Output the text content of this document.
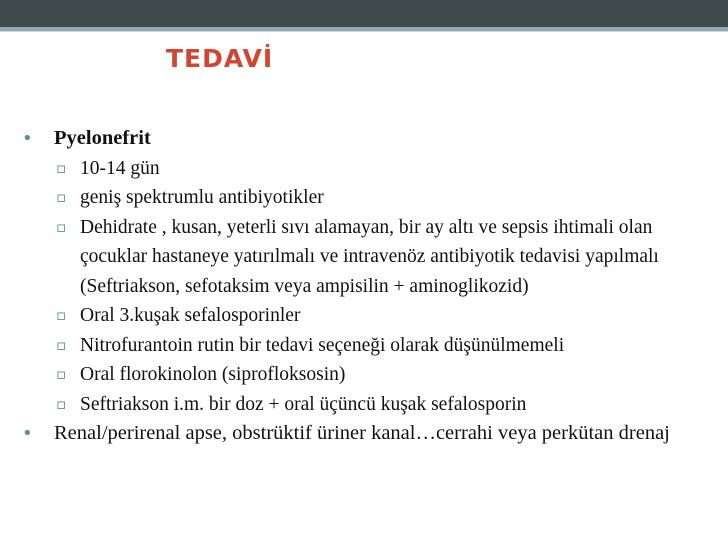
TEDAVİ
• Pyelonefrit
▫ 10-14 gün
▫ geniş spektrumlu antibiyotikler
▫ Dehidrate , kusan, yeterli sıvı alamayan, bir ay altı ve sepsis ihtimali olan çocuklar hastaneye yatırılmalı ve intravenöz antibiyotik tedavisi yapılmalı (Seftriakson, sefotaksim veya ampisilin + aminoglikozid)
▫ Oral 3.kuşak sefalosporinler
▫ Nitrofurantoin rutin bir tedavi seçeneği olarak düşünülmemeli
▫ Oral florokinolon (siprofloksosin)
▫ Seftriakson i.m. bir doz + oral üçüncü kuşak sefalosporin
• Renal/perirenal apse, obstrüktif üriner kanal…cerrahi veya perkütan drenaj
